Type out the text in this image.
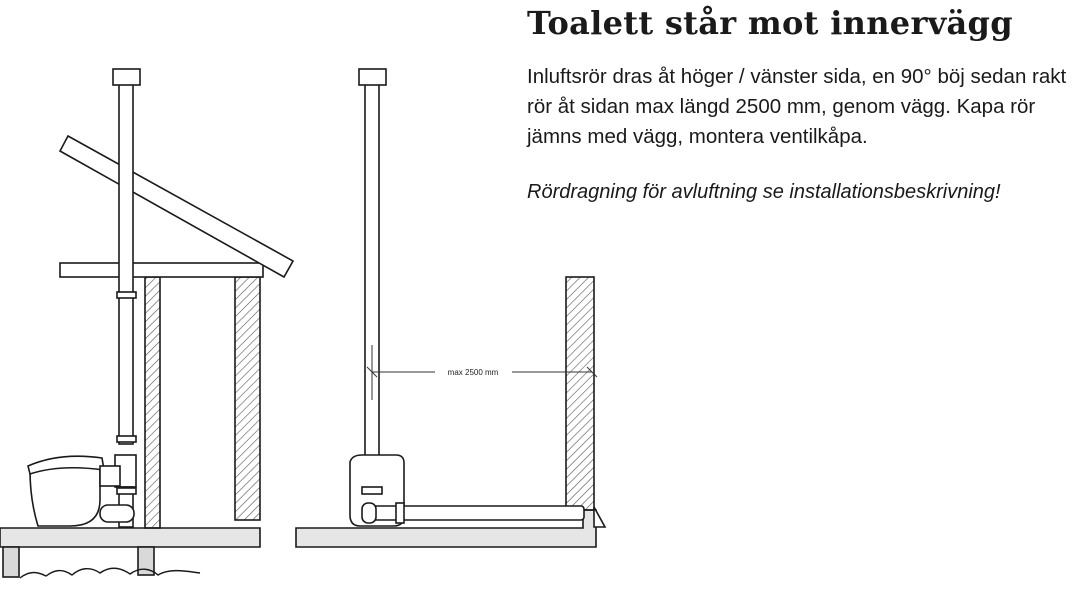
max 2500 mm
Toalett står mot innervägg

Inluftsrör dras åt höger / vänster sida, en 90° böj sedan rakt rör åt sidan max längd 2500 mm, genom vägg. Kapa rör jämns med vägg, montera ventilkåpa.

Rördragning för avluftning se installationsbeskrivning!
